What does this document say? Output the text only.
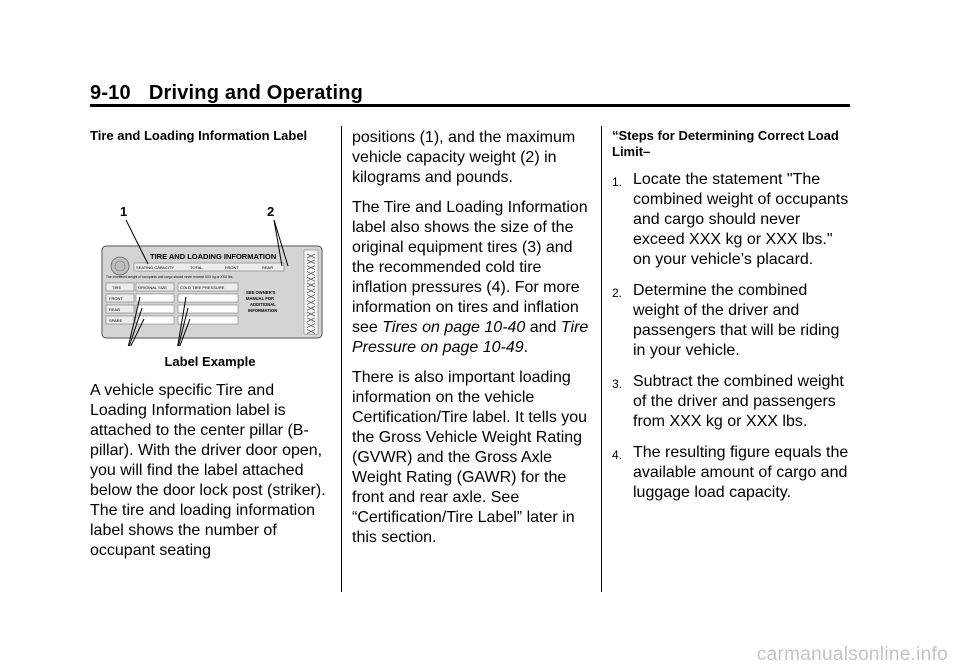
9-10 Driving and Operating
Tire and Loading Information Label
1	2
TIRE AND LOADING INFORMATION
SEATING CAPACITY	TOTAL	FRONT	REAR
The combined weight of occupants and cargo should never exceed XXX kg or XXX lbs.
TIRE	ORIGINAL SIZE	COLD TIRE PRESSURE
FRONT
REAR
SPARE
SEE OWNER'S
MANUAL FOR
ADDITIONAL
INFORMATION
Label Example

A vehicle specific Tire and Loading Information label is attached to the center pillar (B-pillar). With the driver door open, you will find the label attached below the door lock post (striker). The tire and loading information label shows the number of occupant seating

positions (1), and the maximum vehicle capacity weight (2) in kilograms and pounds.

The Tire and Loading Information label also shows the size of the original equipment tires (3) and the recommended cold tire inflation pressures (4). For more information on tires and inflation see Tires on page 10-40 and Tire Pressure on page 10-49.

There is also important loading information on the vehicle Certification/Tire label. It tells you the Gross Vehicle Weight Rating (GVWR) and the Gross Axle Weight Rating (GAWR) for the front and rear axle. See “Certification/Tire Label” later in this section.

“Steps for Determining Correct Load Limit–
1. Locate the statement "The combined weight of occupants and cargo should never exceed XXX kg or XXX lbs." on your vehicle’s placard.
2. Determine the combined weight of the driver and passengers that will be riding in your vehicle.
3. Subtract the combined weight of the driver and passengers from XXX kg or XXX lbs.
4. The resulting figure equals the available amount of cargo and luggage load capacity.
carmanualsonline.info
